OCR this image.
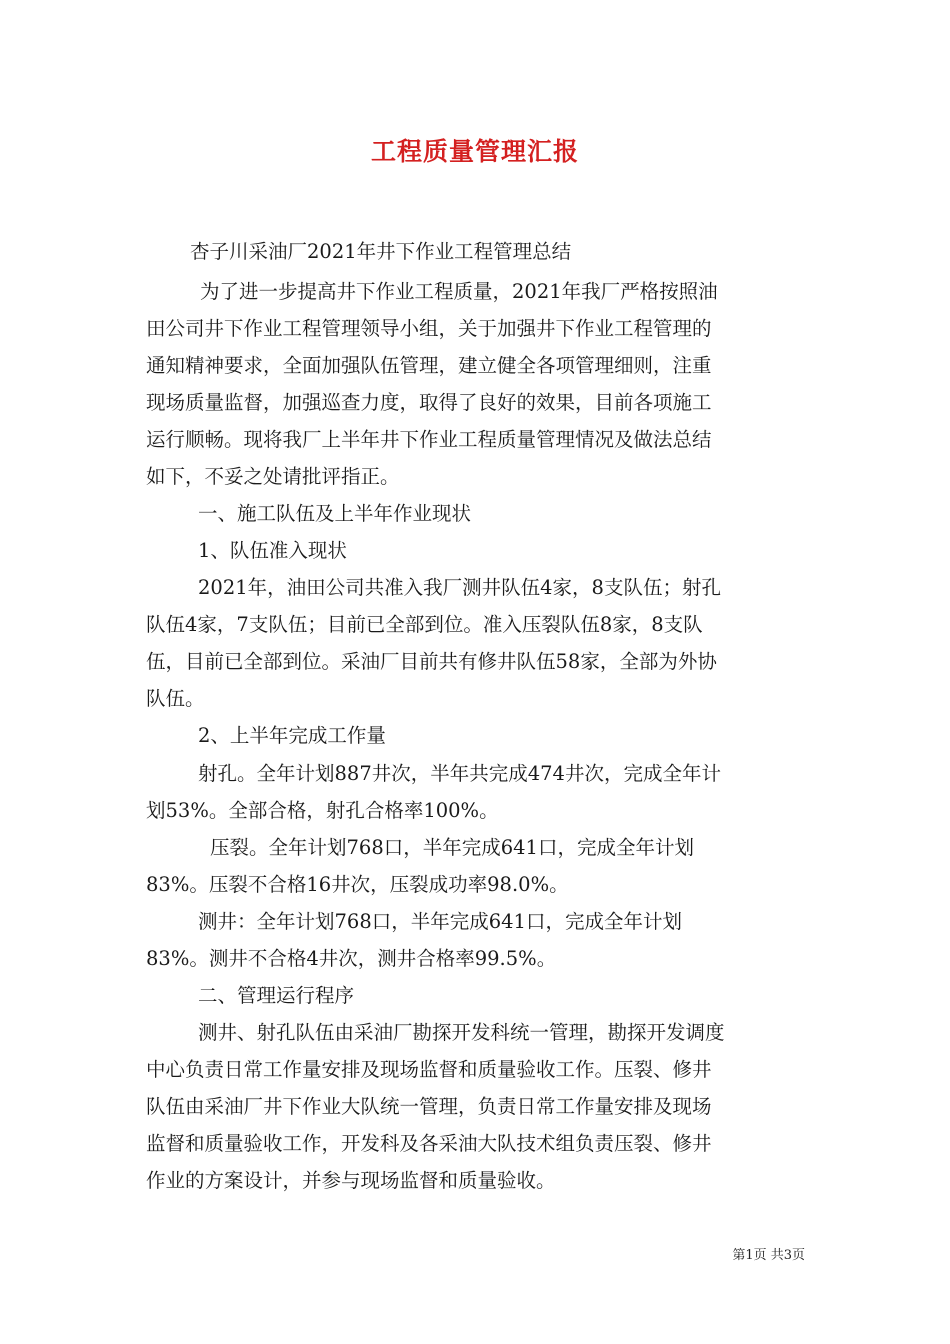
工程质量管理汇报
杏子川采油厂2021年井下作业工程管理总结
为了进一步提高井下作业工程质量，2021年我厂严格按照油
田公司井下作业工程管理领导小组，关于加强井下作业工程管理的
通知精神要求，全面加强队伍管理，建立健全各项管理细则，注重
现场质量监督，加强巡查力度，取得了良好的效果，目前各项施工
运行顺畅。现将我厂上半年井下作业工程质量管理情况及做法总结
如下，不妥之处请批评指正。
一、施工队伍及上半年作业现状
1、队伍准入现状
2021年，油田公司共准入我厂测井队伍4家，8支队伍；射孔
队伍4家，7支队伍；目前已全部到位。准入压裂队伍8家，8支队
伍，目前已全部到位。采油厂目前共有修井队伍58家，全部为外协
队伍。
2、上半年完成工作量
射孔。全年计划887井次，半年共完成474井次，完成全年计
划53%。全部合格，射孔合格率100%。
压裂。全年计划768口，半年完成641口，完成全年计划
83%。压裂不合格16井次，压裂成功率98.0%。
测井：全年计划768口，半年完成641口，完成全年计划
83%。测井不合格4井次，测井合格率99.5%。
二、管理运行程序
测井、射孔队伍由采油厂勘探开发科统一管理，勘探开发调度
中心负责日常工作量安排及现场监督和质量验收工作。压裂、修井
队伍由采油厂井下作业大队统一管理，负责日常工作量安排及现场
监督和质量验收工作，开发科及各采油大队技术组负责压裂、修井
作业的方案设计，并参与现场监督和质量验收。
第1页 共3页
